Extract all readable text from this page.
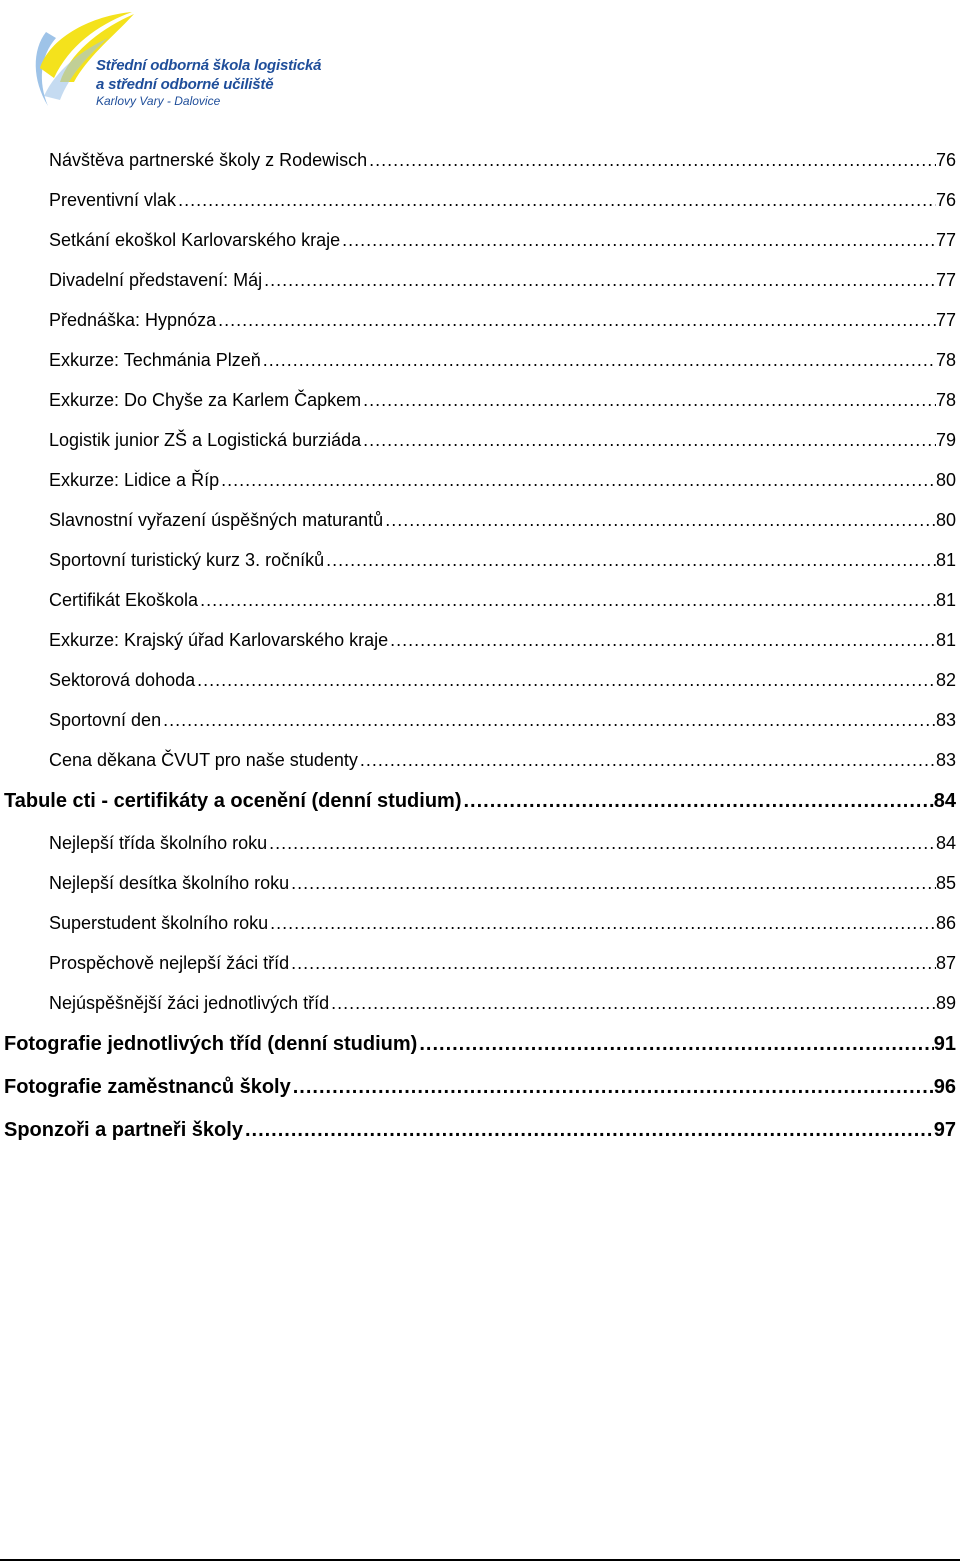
Střední odborná škola logistická
a střední odborné učiliště
Karlovy Vary - Dalovice
Návštěva partnerské školy z Rodewisch .....	76
Preventivní vlak .....	76
Setkání ekoškol Karlovarského kraje .....	77
Divadelní představení: Máj .....	77
Přednáška: Hypnóza .....	77
Exkurze: Techmánia Plzeň .....	78
Exkurze: Do Chyše za Karlem Čapkem .....	78
Logistik junior ZŠ a Logistická burziáda .....	79
Exkurze: Lidice a Říp .....	80
Slavnostní vyřazení úspěšných maturantů .....	80
Sportovní turistický kurz 3. ročníků .....	81
Certifikát Ekoškola .....	81
Exkurze: Krajský úřad Karlovarského kraje .....	81
Sektorová dohoda .....	82
Sportovní den .....	83
Cena děkana ČVUT pro naše studenty .....	83
Tabule cti - certifikáty a ocenění (denní studium) .....	84
Nejlepší třída školního roku .....	84
Nejlepší desítka školního roku .....	85
Superstudent školního roku .....	86
Prospěchově nejlepší žáci tříd .....	87
Nejúspěšnější žáci jednotlivých tříd .....	89
Fotografie jednotlivých tříd (denní studium) .....	91
Fotografie zaměstnanců školy .....	96
Sponzoři a partneři školy .....	97
